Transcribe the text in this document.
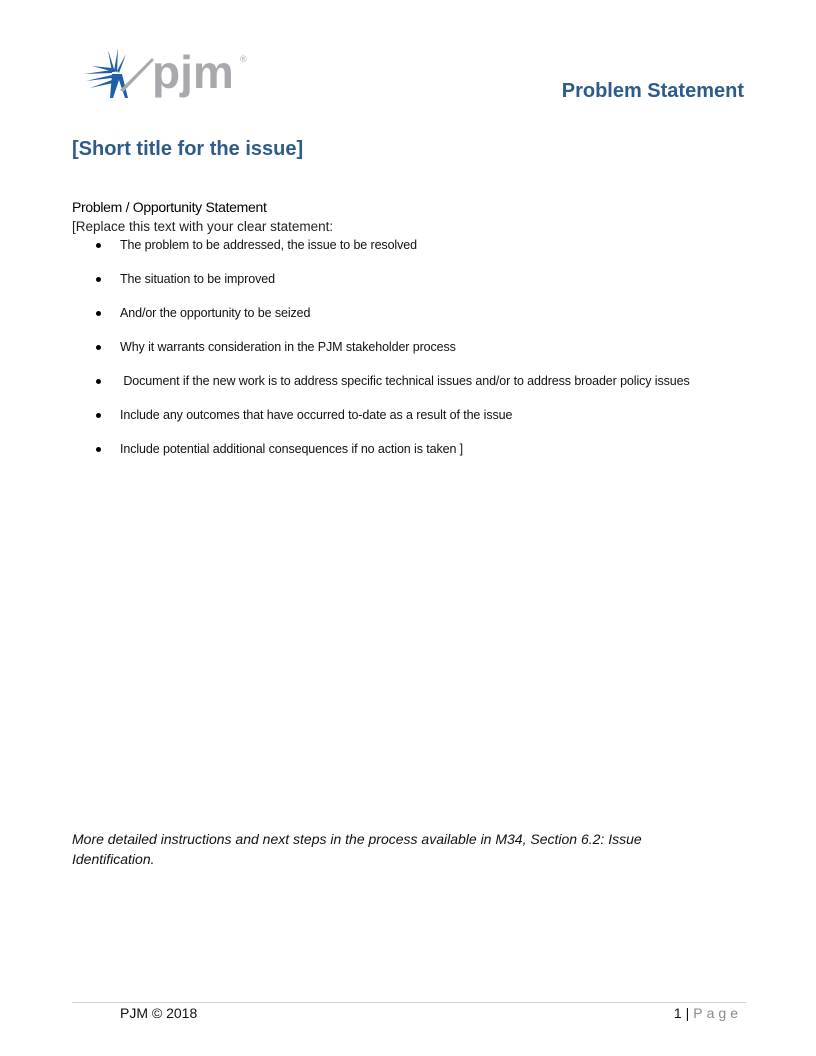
pjm ®
Problem Statement
[Short title for the issue]
Problem / Opportunity Statement
[Replace this text with your clear statement:
The problem to be addressed, the issue to be resolved
The situation to be improved
And/or the opportunity to be seized
Why it warrants consideration in the PJM stakeholder process
Document if the new work is to address specific technical issues and/or to address broader policy issues
Include any outcomes that have occurred to-date as a result of the issue
Include potential additional consequences if no action is taken ]
More detailed instructions and next steps in the process available in M34, Section 6.2: Issue Identification.
PJM © 2018	1 | Page
